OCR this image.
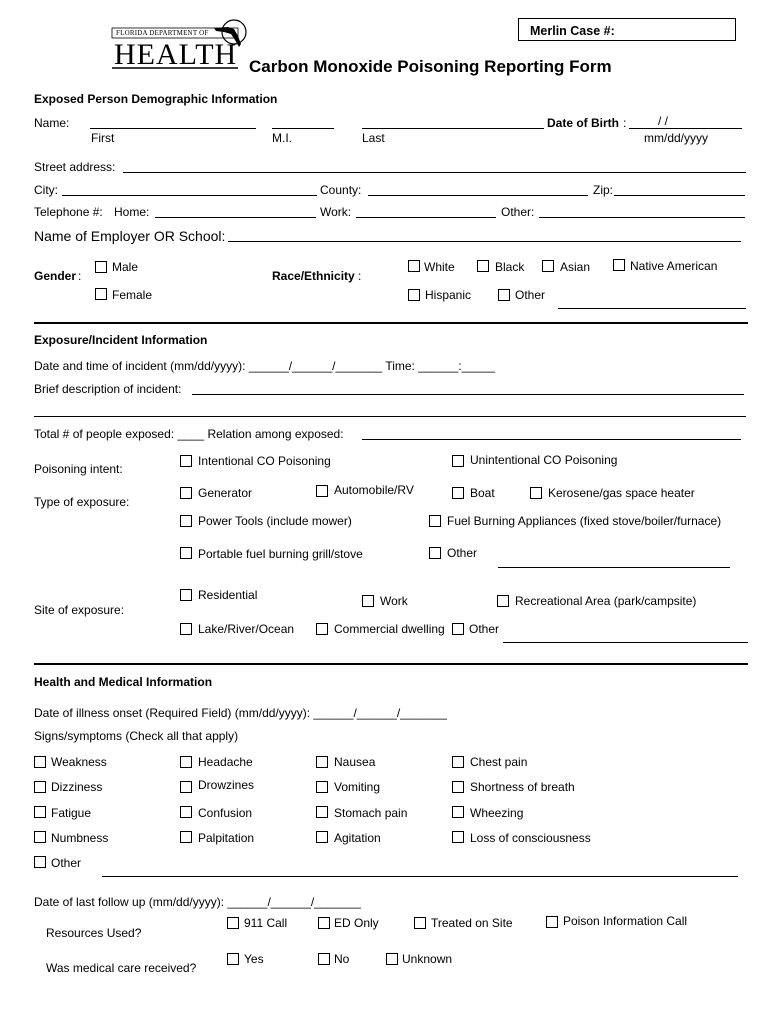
FLORIDA DEPARTMENT OF
HEALTH
Merlin Case #:
Carbon Monoxide Poisoning Reporting Form
Exposed Person Demographic Information
Name:	Date of Birth :	/ /
First	M.I.	Last	mm/dd/yyyy
Street address:
City:	County:	Zip:
Telephone #: Home:	Work:	Other:
Name of Employer OR School:
Gender :
Male
Female
Race/Ethnicity :
White	Black	Asian	Native American
Hispanic	Other
Exposure/Incident Information
Date and time of incident (mm/dd/yyyy): ______/______/_______ Time: ______:_____
Brief description of incident:
Total # of people exposed: ____ Relation among exposed:
Poisoning intent:
Intentional CO Poisoning	Unintentional CO Poisoning
Type of exposure:
Generator	Automobile/RV	Boat	Kerosene/gas space heater
Power Tools (include mower)	Fuel Burning Appliances (fixed stove/boiler/furnace)
Portable fuel burning grill/stove	Other
Site of exposure:
Residential	Work	Recreational Area (park/campsite)
Lake/River/Ocean	Commercial dwelling Other
Health and Medical Information
Date of illness onset (Required Field) (mm/dd/yyyy): ______/______/_______
Signs/symptoms (Check all that apply)
Weakness	Headache	Nausea	Chest pain
Dizziness	Drowzines	Vomiting	Shortness of breath
Fatigue	Confusion	Stomach pain	Wheezing
Numbness	Palpitation	Agitation	Loss of consciousness
Other
Date of last follow up (mm/dd/yyyy): ______/______/_______
Resources Used?
911 Call	ED Only	Treated on Site	Poison Information Call
Was medical care received?
Yes	No	Unknown
